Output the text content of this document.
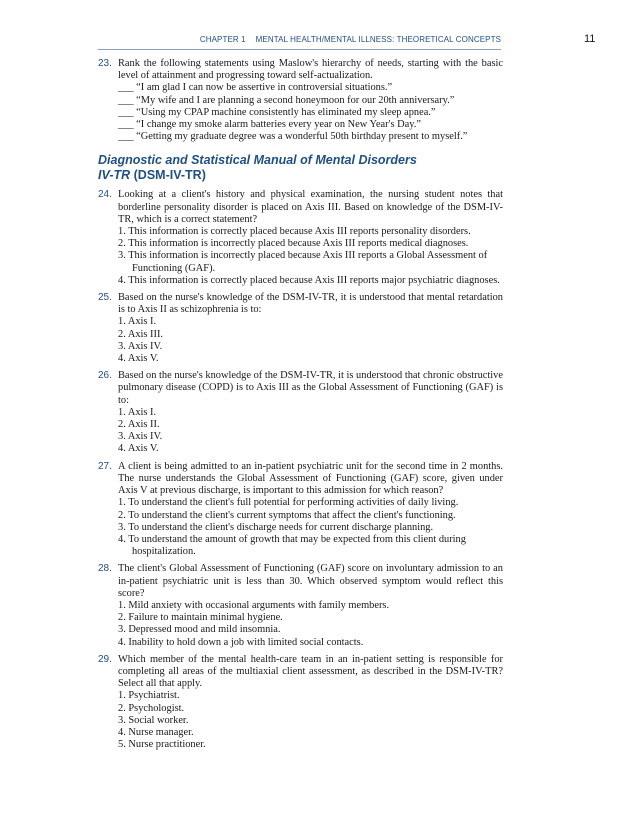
CHAPTER 1 MENTAL HEALTH/MENTAL ILLNESS: THEORETICAL CONCEPTS	11
23. Rank the following statements using Maslow's hierarchy of needs, starting with the basic level of attainment and progressing toward self-actualization.
___ “I am glad I can now be assertive in controversial situations.”
___ “My wife and I are planning a second honeymoon for our 20th anniversary.”
___ “Using my CPAP machine consistently has eliminated my sleep apnea.”
___ “I change my smoke alarm batteries every year on New Year's Day.”
___ “Getting my graduate degree was a wonderful 50th birthday present to myself.”
Diagnostic and Statistical Manual of Mental Disorders
IV-TR (DSM-IV-TR)
24. Looking at a client's history and physical examination, the nursing student notes that borderline personality disorder is placed on Axis III. Based on knowledge of the DSM-IV-TR, which is a correct statement?
1. This information is correctly placed because Axis III reports personality disorders.
2. This information is incorrectly placed because Axis III reports medical diagnoses.
3. This information is incorrectly placed because Axis III reports a Global Assessment of Functioning (GAF).
4. This information is correctly placed because Axis III reports major psychiatric diagnoses.
25. Based on the nurse's knowledge of the DSM-IV-TR, it is understood that mental retardation is to Axis II as schizophrenia is to:
1. Axis I.
2. Axis III.
3. Axis IV.
4. Axis V.
26. Based on the nurse's knowledge of the DSM-IV-TR, it is understood that chronic obstructive pulmonary disease (COPD) is to Axis III as the Global Assessment of Functioning (GAF) is to:
1. Axis I.
2. Axis II.
3. Axis IV.
4. Axis V.
27. A client is being admitted to an in-patient psychiatric unit for the second time in 2 months. The nurse understands the Global Assessment of Functioning (GAF) score, given under Axis V at previous discharge, is important to this admission for which reason?
1. To understand the client's full potential for performing activities of daily living.
2. To understand the client's current symptoms that affect the client's functioning.
3. To understand the client's discharge needs for current discharge planning.
4. To understand the amount of growth that may be expected from this client during hospitalization.
28. The client's Global Assessment of Functioning (GAF) score on involuntary admission to an in-patient psychiatric unit is less than 30. Which observed symptom would reflect this score?
1. Mild anxiety with occasional arguments with family members.
2. Failure to maintain minimal hygiene.
3. Depressed mood and mild insomnia.
4. Inability to hold down a job with limited social contacts.
29. Which member of the mental health-care team in an in-patient setting is responsible for completing all areas of the multiaxial client assessment, as described in the DSM-IV-TR? Select all that apply.
1. Psychiatrist.
2. Psychologist.
3. Social worker.
4. Nurse manager.
5. Nurse practitioner.
